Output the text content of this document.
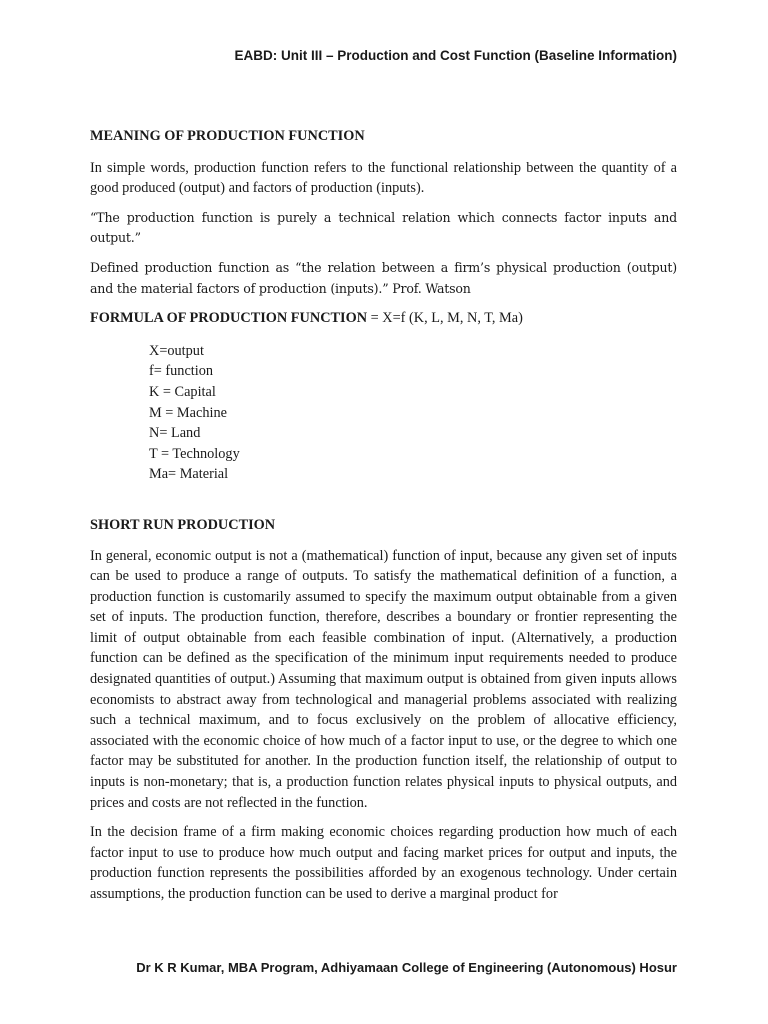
EABD: Unit III – Production and Cost Function (Baseline Information)
MEANING OF PRODUCTION FUNCTION

In simple words, production function refers to the functional relationship between the quantity of a good produced (output) and factors of production (inputs).

“The production function is purely a technical relation which connects factor inputs and output.”

Defined production function as “the relation between a firm’s physical production (output) and the material factors of production (inputs).” Prof. Watson

FORMULA OF PRODUCTION FUNCTION = X=f (K, L, M, N, T, Ma)
X=output
f= function
K = Capital
M = Machine
N= Land
T = Technology
Ma= Material
SHORT RUN PRODUCTION

In general, economic output is not a (mathematical) function of input, because any given set of inputs can be used to produce a range of outputs. To satisfy the mathematical definition of a function, a production function is customarily assumed to specify the maximum output obtainable from a given set of inputs. The production function, therefore, describes a boundary or frontier representing the limit of output obtainable from each feasible combination of input. (Alternatively, a production function can be defined as the specification of the minimum input requirements needed to produce designated quantities of output.) Assuming that maximum output is obtained from given inputs allows economists to abstract away from technological and managerial problems associated with realizing such a technical maximum, and to focus exclusively on the problem of allocative efficiency, associated with the economic choice of how much of a factor input to use, or the degree to which one factor may be substituted for another. In the production function itself, the relationship of output to inputs is non-monetary; that is, a production function relates physical inputs to physical outputs, and prices and costs are not reflected in the function.

In the decision frame of a firm making economic choices regarding production how much of each factor input to use to produce how much output and facing market prices for output and inputs, the production function represents the possibilities afforded by an exogenous technology. Under certain assumptions, the production function can be used to derive a marginal product for

Dr K R Kumar, MBA Program, Adhiyamaan College of Engineering (Autonomous) Hosur
